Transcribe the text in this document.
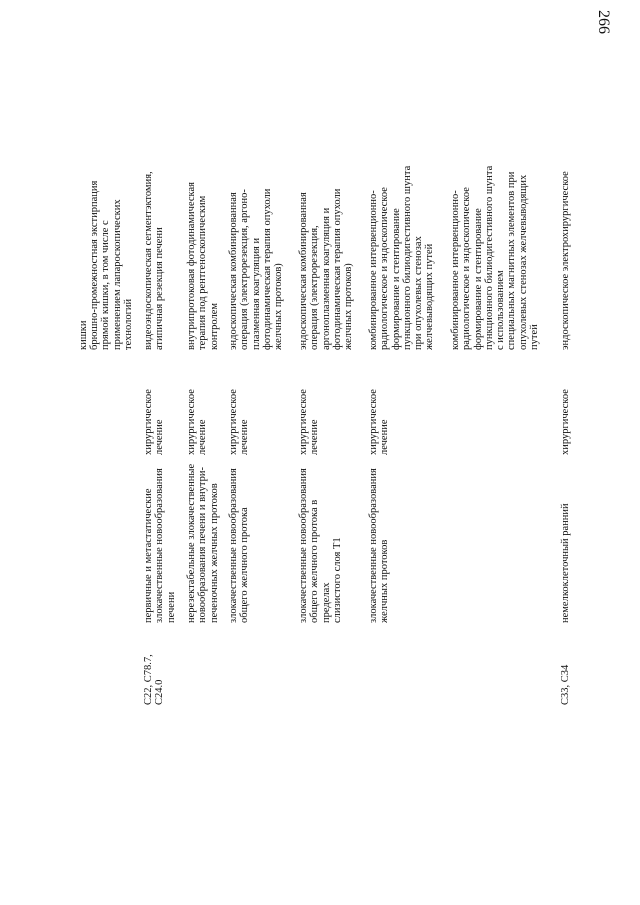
266
кишки брюшно-промежностная экстирпация
прямой кишки, в том числе с
применением лапароскопических
технологий
C22, C78.7, C24.0
первичные и метастатические
злокачественные новообразования
печени
хирургическое
лечение
видеоэндоскопическая сегментэктомия,
атипичная резекция печени
нерезектабельные злокачественные
новообразования печени и внутри-
печеночных желчных протоков
хирургическое
лечение
внутрипротоковая фотодинамическая
терапия под рентгеноскопическим
контролем
злокачественные новообразования
общего желчного протока
хирургическое
лечение
эндоскопическая комбинированная
операция (электрорезекция, аргоно-
плазменная коагуляция и
фотодинамическая терапия опухоли
желчных протоков)
злокачественные новообразования
общего желчного протока в пределах
слизистого слоя T1
хирургическое
лечение
эндоскопическая комбинированная
операция (электрорезекция,
аргоноплазменная коагуляция и
фотодинамическая терапия опухоли
желчных протоков)
злокачественные новообразования
желчных протоков
хирургическое
лечение
комбинированное интервенционно-
радиологическое и эндоскопическое
формирование и стентирование
пункционного билиодигестивного шунта
при опухолевых стенозах
желчевыводящих путей
комбинированное интервенционно-
радиологическое и эндоскопическое
формирование и стентирование
пункционного билиодигестивного шунта
с использованием
специальных магнитных элементов при
опухолевых стенозах желчевыводящих
путей
C33, C34
немелкоклеточный ранний
хирургическое
эндоскопическое электрохирургическое
